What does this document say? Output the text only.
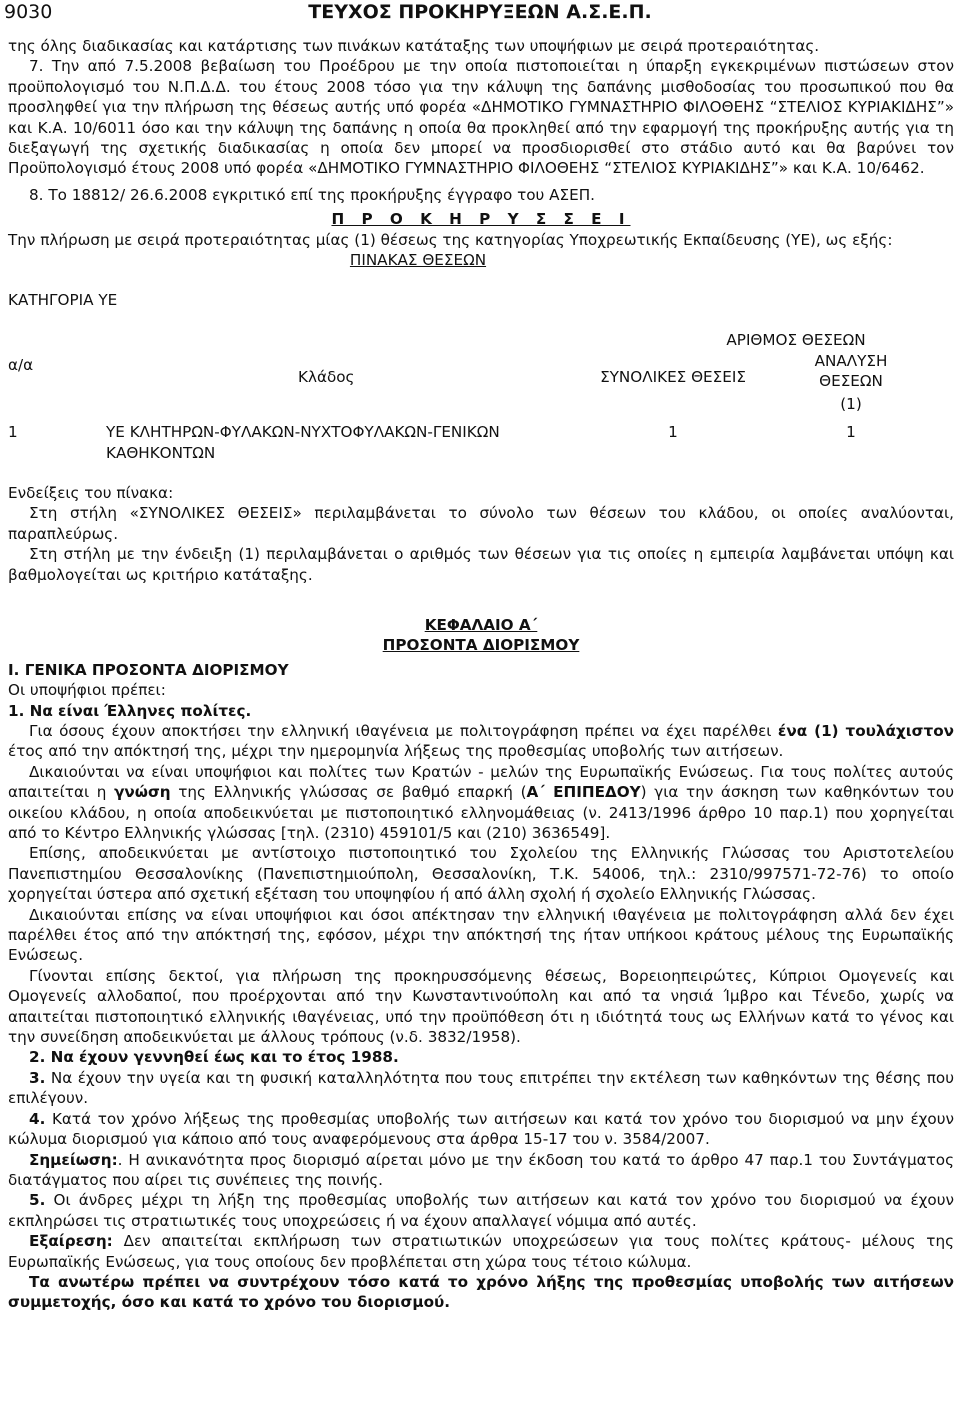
9030	ΤΕΥΧΟΣ ΠΡΟΚΗΡΥΞΕΩΝ Α.Σ.Ε.Π.

της όλης διαδικασίας και κατάρτισης των πινάκων κατάταξης των υποψήφιων με σειρά προτεραιότητας.

7. Την από 7.5.2008 βεβαίωση του Προέδρου με την οποία πιστοποιείται η ύπαρξη εγκεκριμένων πιστώσεων στον προϋπολογισμό του Ν.Π.Δ.Δ. του έτους 2008 τόσο για την κάλυψη της δαπάνης μισθοδοσίας του προσωπικού που θα προσληφθεί για την πλήρωση της θέσεως αυτής υπό φορέα «ΔΗΜΟΤΙΚΟ ΓΥΜΝΑΣΤΗΡΙΟ ΦΙΛΟΘΕΗΣ “ΣΤΕΛΙΟΣ ΚΥΡΙΑΚΙΔΗΣ”» και Κ.Α. 10/6011 όσο και την κάλυψη της δαπάνης η οποία θα προκληθεί από την εφαρμογή της προκήρυξης αυτής για τη διεξαγωγή της σχετικής διαδικασίας η οποία δεν μπορεί να προσδιορισθεί στο στάδιο αυτό και θα βαρύνει τον Προϋπολογισμό έτους 2008 υπό φορέα «ΔΗΜΟΤΙΚΟ ΓΥΜΝΑΣΤΗΡΙΟ ΦΙΛΟΘΕΗΣ “ΣΤΕΛΙΟΣ ΚΥΡΙΑΚΙΔΗΣ”» και Κ.Α. 10/6462.

8. Το 18812/ 26.6.2008 εγκριτικό επί της προκήρυξης έγγραφο του ΑΣΕΠ.

Π Ρ Ο Κ Η Ρ Υ Σ Σ Ε Ι

Την πλήρωση με σειρά προτεραιότητας μίας (1) θέσεως της κατηγορίας Υποχρεωτικής Εκπαίδευσης (ΥΕ), ως εξής:

ΚΑΤΗΓΟΡΙΑ ΥΕ	ΠΙΝΑΚΑΣ ΘΕΣΕΩΝ	
		ΑΡΙΘΜΟΣ ΘΕΣΕΩΝ	
α/α	Κλάδος	ΣΥΝΟΛΙΚΕΣ ΘΕΣΕΙΣ	ΑΝΑΛΥΣΗ ΘΕΣΕΩΝ
(1)

1	ΥΕ ΚΛΗΤΗΡΩΝ-ΦΥΛΑΚΩΝ-ΝΥΧΤΟΦΥΛΑΚΩΝ-ΓΕΝΙΚΩΝ ΚΑΘΗΚΟΝΤΩΝ	1	1

Ενδείξεις του πίνακα:

Στη στήλη «ΣΥΝΟΛΙΚΕΣ ΘΕΣΕΙΣ» περιλαμβάνεται το σύνολο των θέσεων του κλάδου, οι οποίες αναλύονται, παραπλεύρως.

Στη στήλη με την ένδειξη (1) περιλαμβάνεται ο αριθμός των θέσεων για τις οποίες η εμπειρία λαμβάνεται υπόψη και βαθμολογείται ως κριτήριο κατάταξης.

ΚΕΦΑΛΑΙΟ Α΄

ΠΡΟΣΟΝΤΑ ΔΙΟΡΙΣΜΟΥ

Ι. ΓΕΝΙΚΑ ΠΡΟΣΟΝΤΑ ΔΙΟΡΙΣΜΟΥ

Οι υποψήφιοι πρέπει:

1. Να είναι Έλληνες πολίτες.

Για όσους έχουν αποκτήσει την ελληνική ιθαγένεια με πολιτογράφηση πρέπει να έχει παρέλθει ένα (1) τουλάχιστον έτος από την απόκτησή της, μέχρι την ημερομηνία λήξεως της προθεσμίας υποβολής των αιτήσεων.

Δικαιούνται να είναι υποψήφιοι και πολίτες των Κρατών - μελών της Ευρωπαϊκής Ενώσεως. Για τους πολίτες αυτούς απαιτείται η γνώση της Ελληνικής γλώσσας σε βαθμό επαρκή (Α΄ ΕΠΙΠΕΔΟΥ) για την άσκηση των καθηκόντων του οικείου κλάδου, η οποία αποδεικνύεται με πιστοποιητικό ελληνομάθειας (ν. 2413/1996 άρθρο 10 παρ.1) που χορηγείται από το Κέντρο Ελληνικής γλώσσας [τηλ. (2310) 459101/5 και (210) 3636549].

Επίσης, αποδεικνύεται με αντίστοιχο πιστοποιητικό του Σχολείου της Ελληνικής Γλώσσας του Αριστοτελείου Πανεπιστημίου Θεσσαλονίκης (Πανεπιστημιούπολη, Θεσσαλονίκη, Τ.Κ. 54006, τηλ.: 2310/997571-72-76) το οποίο χορηγείται ύστερα από σχετική εξέταση του υποψηφίου ή από άλλη σχολή ή σχολείο Ελληνικής Γλώσσας.

Δικαιούνται επίσης να είναι υποψήφιοι και όσοι απέκτησαν την ελληνική ιθαγένεια με πολιτογράφηση αλλά δεν έχει παρέλθει έτος από την απόκτησή της, εφόσον, μέχρι την απόκτησή της ήταν υπήκοοι κράτους μέλους της Ευρωπαϊκής Ενώσεως.

Γίνονται επίσης δεκτοί, για πλήρωση της προκηρυσσόμενης θέσεως, Βορειοηπειρώτες, Κύπριοι Ομογενείς και Ομογενείς αλλοδαποί, που προέρχονται από την Κωνσταντινούπολη και από τα νησιά Ίμβρο και Τένεδο, χωρίς να απαιτείται πιστοποιητικό ελληνικής ιθαγένειας, υπό την προϋπόθεση ότι η ιδιότητά τους ως Ελλήνων κατά το γένος και την συνείδηση αποδεικνύεται με άλλους τρόπους (ν.δ. 3832/1958).

2. Να έχουν γεννηθεί έως και το έτος 1988.

3. Να έχουν την υγεία και τη φυσική καταλληλότητα που τους επιτρέπει την εκτέλεση των καθηκόντων της θέσης που επιλέγουν.

4. Κατά τον χρόνο λήξεως της προθεσμίας υποβολής των αιτήσεων και κατά τον χρόνο του διορισμού να μην έχουν κώλυμα διορισμού για κάποιο από τους αναφερόμενους στα άρθρα 15-17 του ν. 3584/2007.

Σημείωση:. Η ανικανότητα προς διορισμό αίρεται μόνο με την έκδοση του κατά το άρθρο 47 παρ.1 του Συντάγματος διατάγματος που αίρει τις συνέπειες της ποινής.

5. Οι άνδρες μέχρι τη λήξη της προθεσμίας υποβολής των αιτήσεων και κατά τον χρόνο του διορισμού να έχουν εκπληρώσει τις στρατιωτικές τους υποχρεώσεις ή να έχουν απαλλαγεί νόμιμα από αυτές.

Εξαίρεση: Δεν απαιτείται εκπλήρωση των στρατιωτικών υποχρεώσεων για τους πολίτες κράτους- μέλους της Ευρωπαϊκής Ενώσεως, για τους οποίους δεν προβλέπεται στη χώρα τους τέτοιο κώλυμα.

Τα ανωτέρω πρέπει να συντρέχουν τόσο κατά το χρόνο λήξης της προθεσμίας υποβολής των αιτήσεων συμμετοχής, όσο και κατά το χρόνο του διορισμού.
